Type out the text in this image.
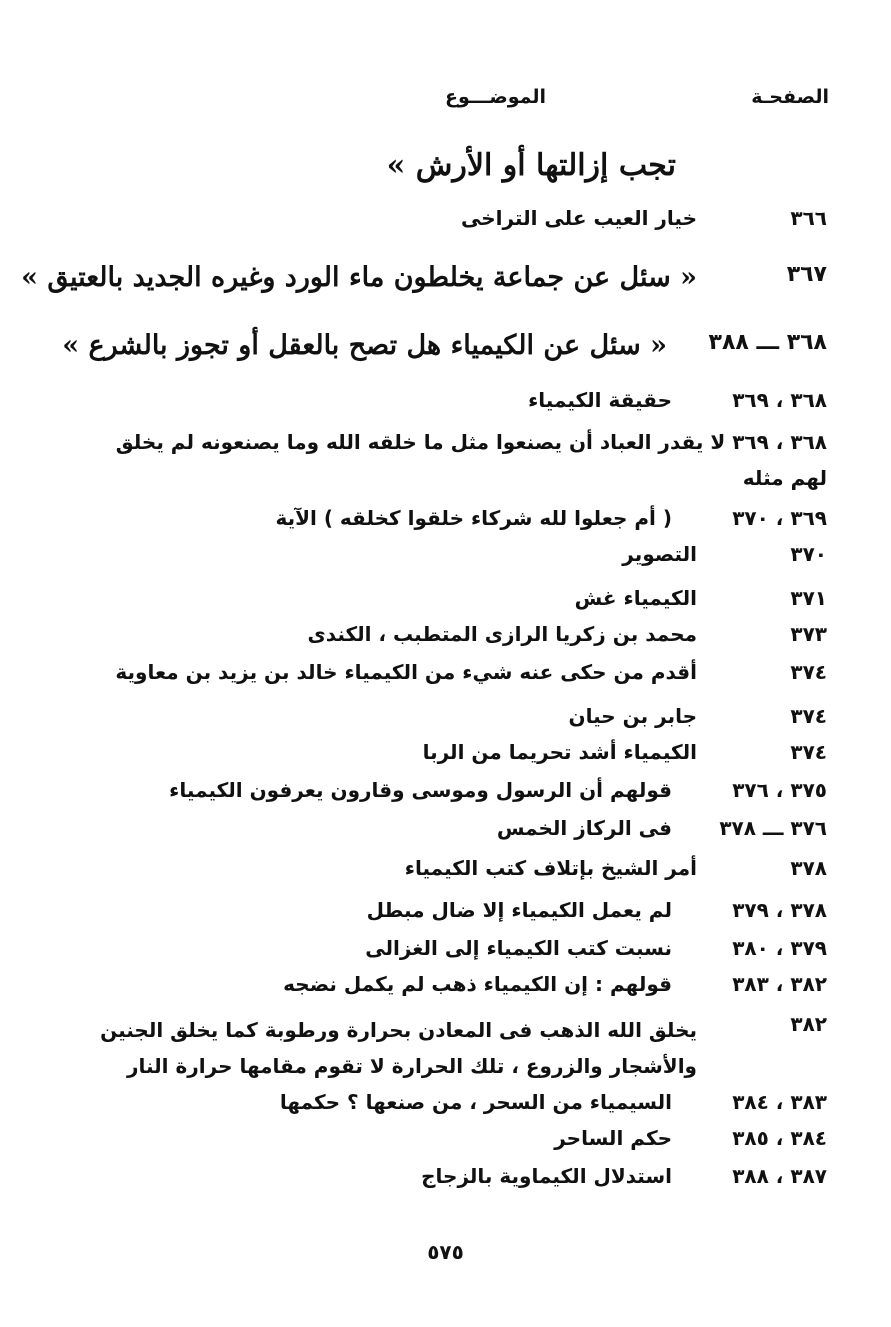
الصفحـة
الموضـــوع
تجب إزالتها أو الأرش »
٣٦٦
خيار العيب على التراخى
٣٦٧
« سئل عن جماعة يخلطون ماء الورد وغيره الجديد بالعتيق »
٣٦٨ ـــ ٣٨٨
« سئل عن الكيمياء هل تصح بالعقل أو تجوز بالشرع »
٣٦٨ ، ٣٦٩
حقيقة الكيمياء
٣٦٨ ، ٣٦٩ لا يقدر العباد أن يصنعوا مثل ما خلقه الله وما يصنعونه لم يخلق لهم مثله
٣٦٩ ، ٣٧٠
( أم جعلوا لله شركاء خلقوا كخلقه ) الآية
٣٧٠
التصوير
٣٧١
الكيمياء غش
٣٧٣
محمد بن زكريا الرازى المتطبب ، الكندى
٣٧٤
أقدم من حكى عنه شيء من الكيمياء خالد بن يزيد بن معاوية
٣٧٤
جابر بن حيان
٣٧٤
الكيمياء أشد تحريما من الربا
٣٧٥ ، ٣٧٦
قولهم أن الرسول وموسى وقارون يعرفون الكيمياء
٣٧٦ ـــ ٣٧٨
فى الركاز الخمس
٣٧٨
أمر الشيخ بإتلاف كتب الكيمياء
٣٧٨ ، ٣٧٩
لم يعمل الكيمياء إلا ضال مبطل
٣٧٩ ، ٣٨٠
نسبت كتب الكيمياء إلى الغزالى
٣٨٢ ، ٣٨٣
قولهم : إن الكيمياء ذهب لم يكمل نضجه
٣٨٢
يخلق الله الذهب فى المعادن بحرارة ورطوبة كما يخلق الجنين والأشجار والزروع ، تلك الحرارة لا تقوم مقامها حرارة النار
٣٨٣ ، ٣٨٤
السيمياء من السحر ، من صنعها ؟ حكمها
٣٨٤ ، ٣٨٥
حكم الساحر
٣٨٧ ، ٣٨٨
استدلال الكيماوية بالزجاج
٥٧٥
